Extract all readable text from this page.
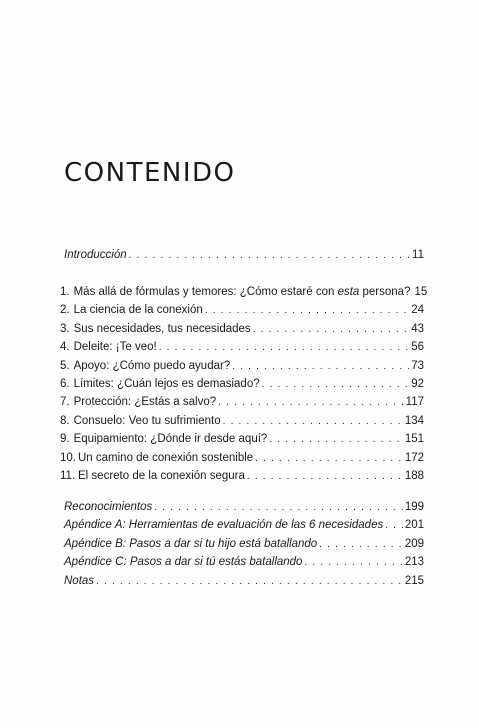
CONTENIDO
Introducción . . .	11
1. Más allá de fórmulas y temores: ¿Cómo estaré con esta persona? 15
2. La ciencia de la conexión . . .	24
3. Sus necesidades, tus necesidades . . .	43
4. Deleite: ¡Te veo! . . .	56
5. Apoyo: ¿Cómo puedo ayudar? . . .	73
6. Límites: ¿Cuán lejos es demasiado? . . .	92
7. Protección: ¿Estás a salvo? . . .	117
8. Consuelo: Veo tu sufrimiento . . .	134
9. Equipamiento: ¿Dónde ir desde aquí? . . .	151
10. Un camino de conexión sostenible . . .	172
11. El secreto de la conexión segura . . .	188
Reconocimientos . . .	199
Apéndice A: Herramientas de evaluación de las 6 necesidades . . . 201
Apéndice B: Pasos a dar si tu hijo está batallando . . .	209
Apéndice C: Pasos a dar si tú estás batallando . . .	213
Notas . . .	215
